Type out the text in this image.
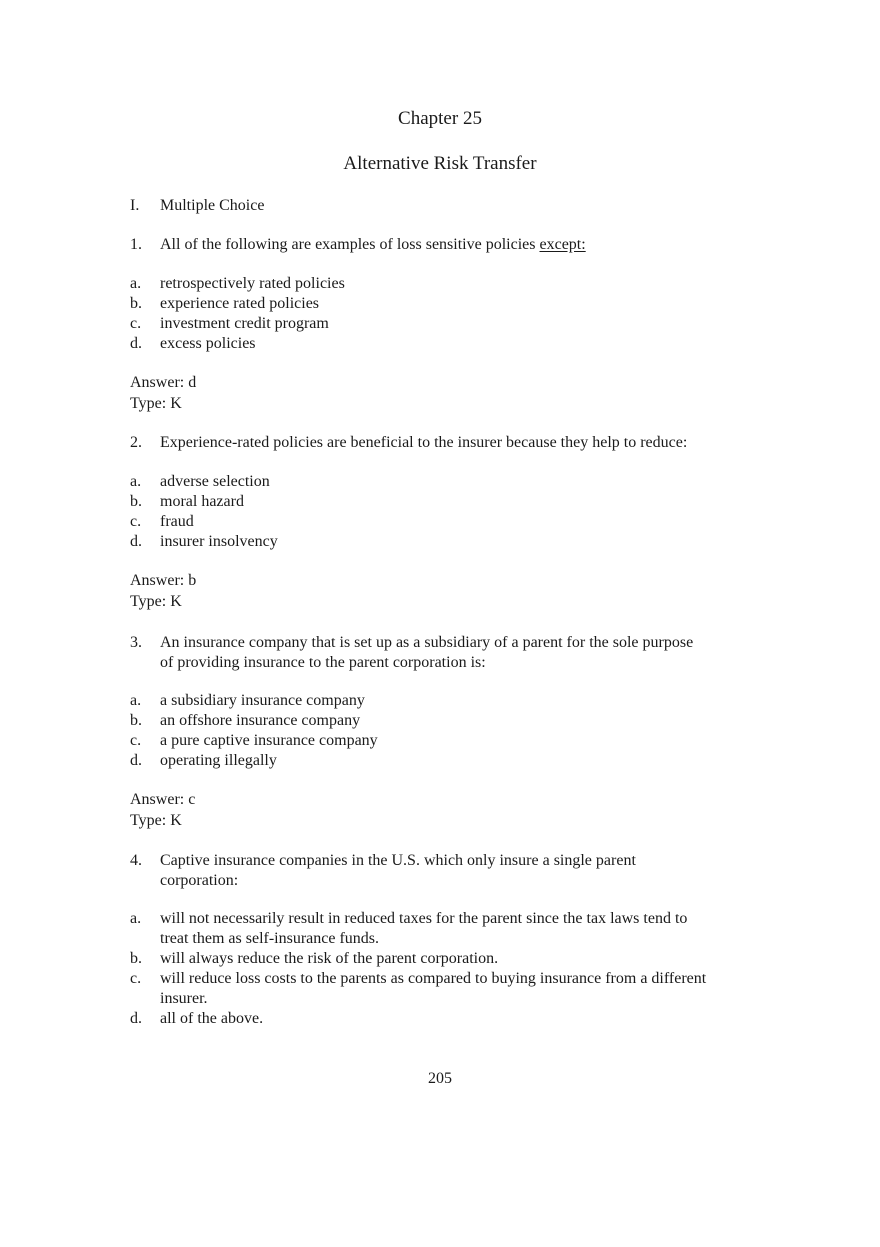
Chapter 25
Alternative Risk Transfer
I. Multiple Choice
1. All of the following are examples of loss sensitive policies except:
a. retrospectively rated policies
b. experience rated policies
c. investment credit program
d. excess policies
Answer: d
Type: K
2. Experience-rated policies are beneficial to the insurer because they help to reduce:
a. adverse selection
b. moral hazard
c. fraud
d. insurer insolvency
Answer: b
Type: K
3. An insurance company that is set up as a subsidiary of a parent for the sole purpose
of providing insurance to the parent corporation is:
a. a subsidiary insurance company
b. an offshore insurance company
c. a pure captive insurance company
d. operating illegally
Answer: c
Type: K
4. Captive insurance companies in the U.S. which only insure a single parent
corporation:
a. will not necessarily result in reduced taxes for the parent since the tax laws tend to
treat them as self-insurance funds.
b. will always reduce the risk of the parent corporation.
c. will reduce loss costs to the parents as compared to buying insurance from a different
insurer.
d. all of the above.
205
